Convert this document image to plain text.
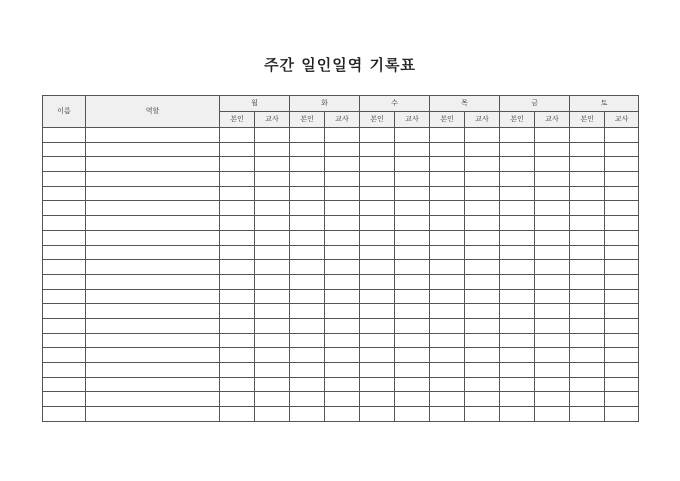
주간 일인일역 기록표
이름	역할	월		화		수		목		금		토	
		본인	교사	본인	교사	본인	교사	본인	교사	본인	교사	본인	교사
